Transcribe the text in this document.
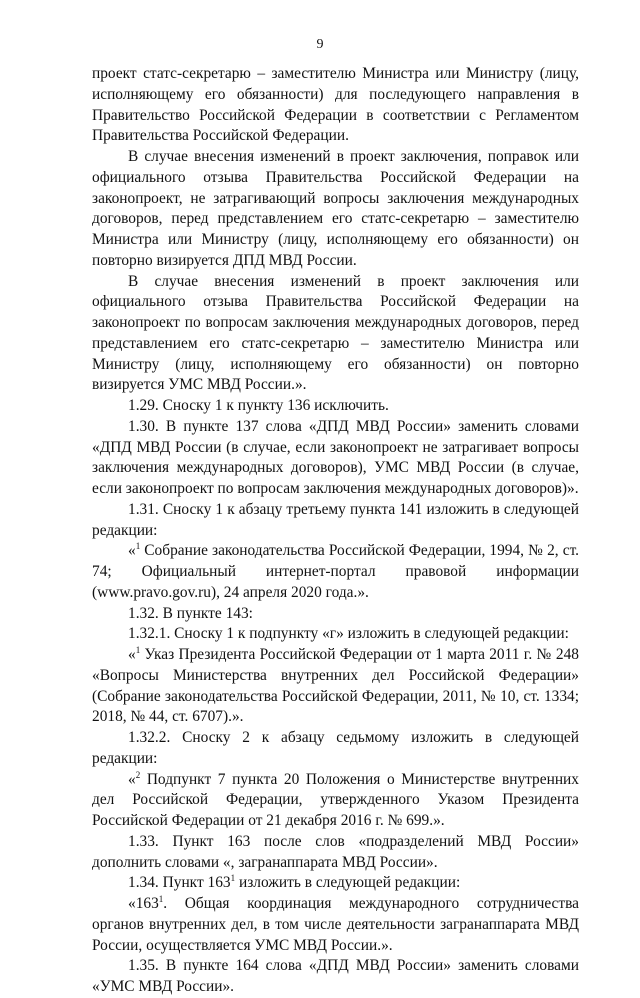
9

проект статс-секретарю – заместителю Министра или Министру (лицу, исполняющему его обязанности) для последующего направления в Правительство Российской Федерации в соответствии с Регламентом Правительства Российской Федерации.

В случае внесения изменений в проект заключения, поправок или официального отзыва Правительства Российской Федерации на законопроект, не затрагивающий вопросы заключения международных договоров, перед представлением его статс-секретарю – заместителю Министра или Министру (лицу, исполняющему его обязанности) он повторно визируется ДПД МВД России.

В случае внесения изменений в проект заключения или официального отзыва Правительства Российской Федерации на законопроект по вопросам заключения международных договоров, перед представлением его статс-секретарю – заместителю Министра или Министру (лицу, исполняющему его обязанности) он повторно визируется УМС МВД России.».

1.29. Сноску 1 к пункту 136 исключить.

1.30. В пункте 137 слова «ДПД МВД России» заменить словами «ДПД МВД России (в случае, если законопроект не затрагивает вопросы заключения международных договоров), УМС МВД России (в случае, если законопроект по вопросам заключения международных договоров)».

1.31. Сноску 1 к абзацу третьему пункта 141 изложить в следующей редакции:

«$^1$ Собрание законодательства Российской Федерации, 1994, № 2, ст. 74; Официальный интернет-портал правовой информации (www.pravo.gov.ru), 24 апреля 2020 года.».

1.32. В пункте 143:

1.32.1. Сноску 1 к подпункту «г» изложить в следующей редакции:

«$^1$ Указ Президента Российской Федерации от 1 марта 2011 г. № 248 «Вопросы Министерства внутренних дел Российской Федерации» (Собрание законодательства Российской Федерации, 2011, № 10, ст. 1334; 2018, № 44, ст. 6707).».

1.32.2. Сноску 2 к абзацу седьмому изложить в следующей редакции:

«$^2$ Подпункт 7 пункта 20 Положения о Министерстве внутренних дел Российской Федерации, утвержденного Указом Президента Российской Федерации от 21 декабря 2016 г. № 699.».

1.33. Пункт 163 после слов «подразделений МВД России» дополнить словами «, загранаппарата МВД России».

1.34. Пункт $163^1$ изложить в следующей редакции:

«$163^1$. Общая координация международного сотрудничества органов внутренних дел, в том числе деятельности загранаппарата МВД России, осуществляется УМС МВД России.».

1.35. В пункте 164 слова «ДПД МВД России» заменить словами «УМС МВД России».
